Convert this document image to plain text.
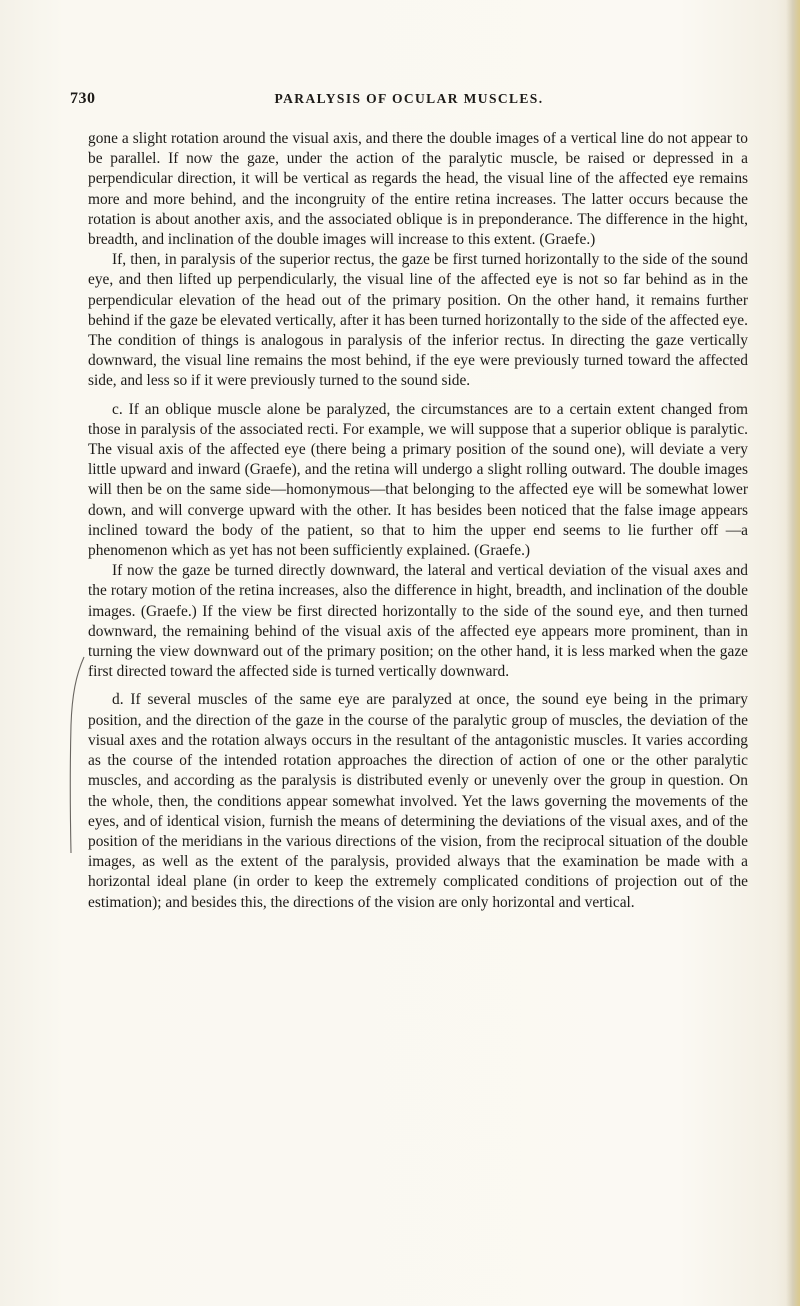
730	PARALYSIS OF OCULAR MUSCLES.

gone a slight rotation around the visual axis, and there the double images of a vertical line do not appear to be parallel. If now the gaze, under the action of the paralytic muscle, be raised or depressed in a perpendicular direction, it will be vertical as regards the head, the visual line of the affected eye remains more and more behind, and the incongruity of the entire retina increases. The latter occurs because the rotation is about another axis, and the associated oblique is in preponderance. The difference in the hight, breadth, and inclination of the double images will increase to this extent. (Graefe.)

If, then, in paralysis of the superior rectus, the gaze be first turned horizontally to the side of the sound eye, and then lifted up perpendicularly, the visual line of the affected eye is not so far behind as in the perpendicular elevation of the head out of the primary position. On the other hand, it remains further behind if the gaze be elevated vertically, after it has been turned horizontally to the side of the affected eye. The condition of things is analogous in paralysis of the inferior rectus. In directing the gaze vertically downward, the visual line remains the most behind, if the eye were previously turned toward the affected side, and less so if it were previously turned to the sound side.

c. If an oblique muscle alone be paralyzed, the circumstances are to a certain extent changed from those in paralysis of the associated recti. For example, we will suppose that a superior oblique is paralytic. The visual axis of the affected eye (there being a primary position of the sound one), will deviate a very little upward and inward (Graefe), and the retina will undergo a slight rolling outward. The double images will then be on the same side—homonymous—that belonging to the affected eye will be somewhat lower down, and will converge upward with the other. It has besides been noticed that the false image appears inclined toward the body of the patient, so that to him the upper end seems to lie further off —a phenomenon which as yet has not been sufficiently explained. (Graefe.)

If now the gaze be turned directly downward, the lateral and vertical deviation of the visual axes and the rotary motion of the retina increases, also the difference in hight, breadth, and inclination of the double images. (Graefe.) If the view be first directed horizontally to the side of the sound eye, and then turned downward, the remaining behind of the visual axis of the affected eye appears more prominent, than in turning the view downward out of the primary position; on the other hand, it is less marked when the gaze first directed toward the affected side is turned vertically downward.

d. If several muscles of the same eye are paralyzed at once, the sound eye being in the primary position, and the direction of the gaze in the course of the paralytic group of muscles, the deviation of the visual axes and the rotation always occurs in the resultant of the antagonistic muscles. It varies according as the course of the intended rotation approaches the direction of action of one or the other paralytic muscles, and according as the paralysis is distributed evenly or unevenly over the group in question. On the whole, then, the conditions appear somewhat involved. Yet the laws governing the movements of the eyes, and of identical vision, furnish the means of determining the deviations of the visual axes, and of the position of the meridians in the various directions of the vision, from the reciprocal situation of the double images, as well as the extent of the paralysis, provided always that the examination be made with a horizontal ideal plane (in order to keep the extremely complicated conditions of projection out of the estimation); and besides this, the directions of the vision are only horizontal and vertical.
